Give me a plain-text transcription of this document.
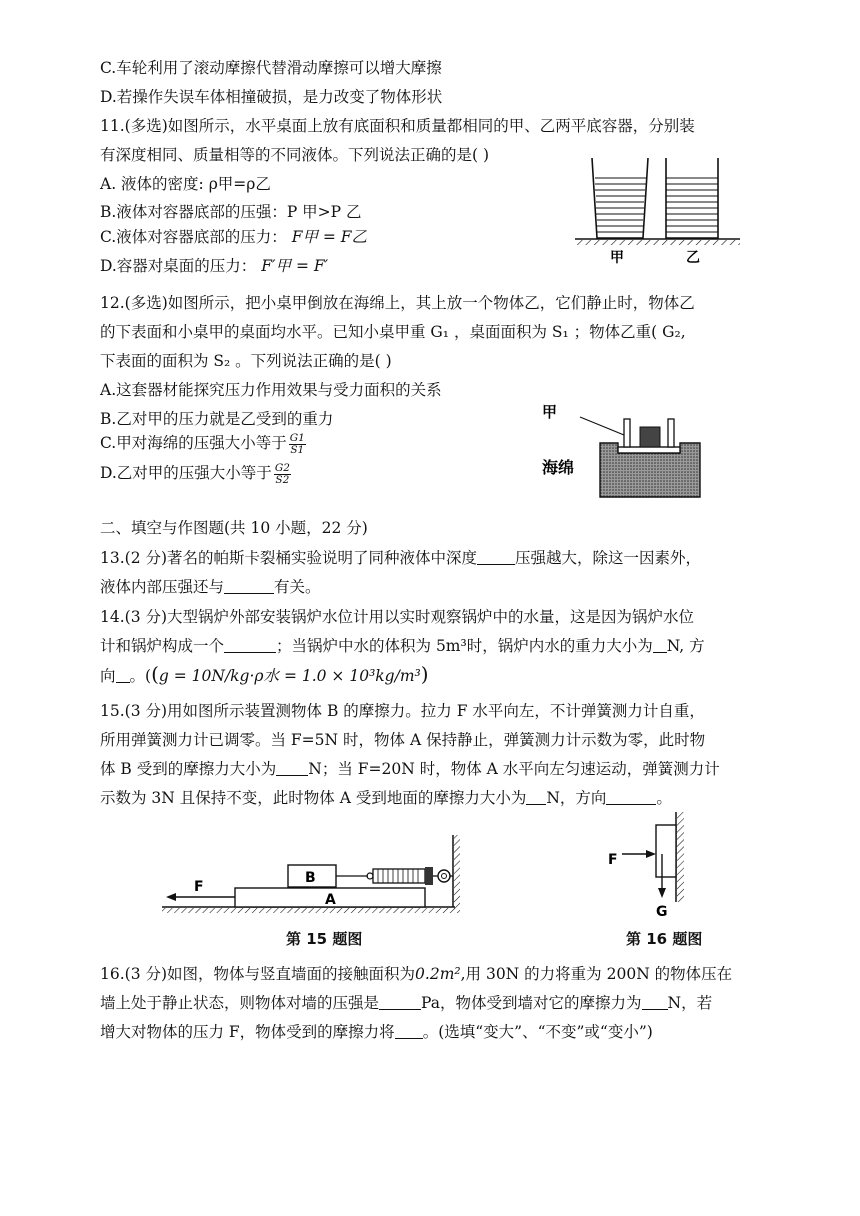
C.车轮利用了滚动摩擦代替滑动摩擦可以增大摩擦
D.若操作失误车体相撞破损，是力改变了物体形状
11.(多选)如图所示，水平桌面上放有底面积和质量都相同的甲、乙两平底容器，分别装
有深度相同、质量相等的不同液体。下列说法正确的是( )
A. 液体的密度: ρ甲=ρ乙
B.液体对容器底部的压强：P 甲>P 乙
C.液体对容器底部的压力： F甲 = F乙
D.容器对桌面的压力： F′甲 = F′	甲	乙
12.(多选)如图所示，把小桌甲倒放在海绵上，其上放一个物体乙，它们静止时，物体乙
的下表面和小桌甲的桌面均水平。已知小桌甲重 G₁ ，桌面面积为 S₁ ；物体乙重( G₂,
下表面的面积为 S₂ 。下列说法正确的是( )
A.这套器材能探究压力作用效果与受力面积的关系
B.乙对甲的压力就是乙受到的重力
C.甲对海绵的压强大小等于 $\frac{G1}{S1}$
D.乙对甲的压强大小等于 $\frac{G2}{S2}$
甲
海绵
二、填空与作图题(共 10 小题，22 分)
13.(2 分)著名的帕斯卡裂桶实验说明了同种液体中深度 压强越大，除这一因素外，
液体内部压强还与	有关。
14.(3 分)大型锅炉外部安装锅炉水位计用以实时观察锅炉中的水量，这是因为锅炉水位
计和锅炉构成一个	；当锅炉中水的体积为 5m³时，锅炉内水的重力大小为 N, 方
向 。((g = 10N/kg·ρ水 = 1.0 × 10³kg/m³)
15.(3 分)用如图所示装置测物体 B 的摩擦力。拉力 F 水平向左，不计弹簧测力计自重，
所用弹簧测力计已调零。当 F=5N 时，物体 A 保持静止，弹簧测力计示数为零，此时物
体 B 受到的摩擦力大小为 N；当 F=20N 时，物体 A 水平向左匀速运动，弹簧测力计
示数为 3N 且保持不变，此时物体 A 受到地面的摩擦力大小为 N，方向	。
A
B
F
第 15 题图
F
G
第 16 题图
16.(3 分)如图，物体与竖直墙面的接触面积为0.2m²,用 30N 的力将重为 200N 的物体压在
墙上处于静止状态，则物体对墙的压强是	Pa，物体受到墙对它的摩擦力为 N，若
增大对物体的压力 F，物体受到的摩擦力将 。(选填“变大”、“不变”或“变小”)
